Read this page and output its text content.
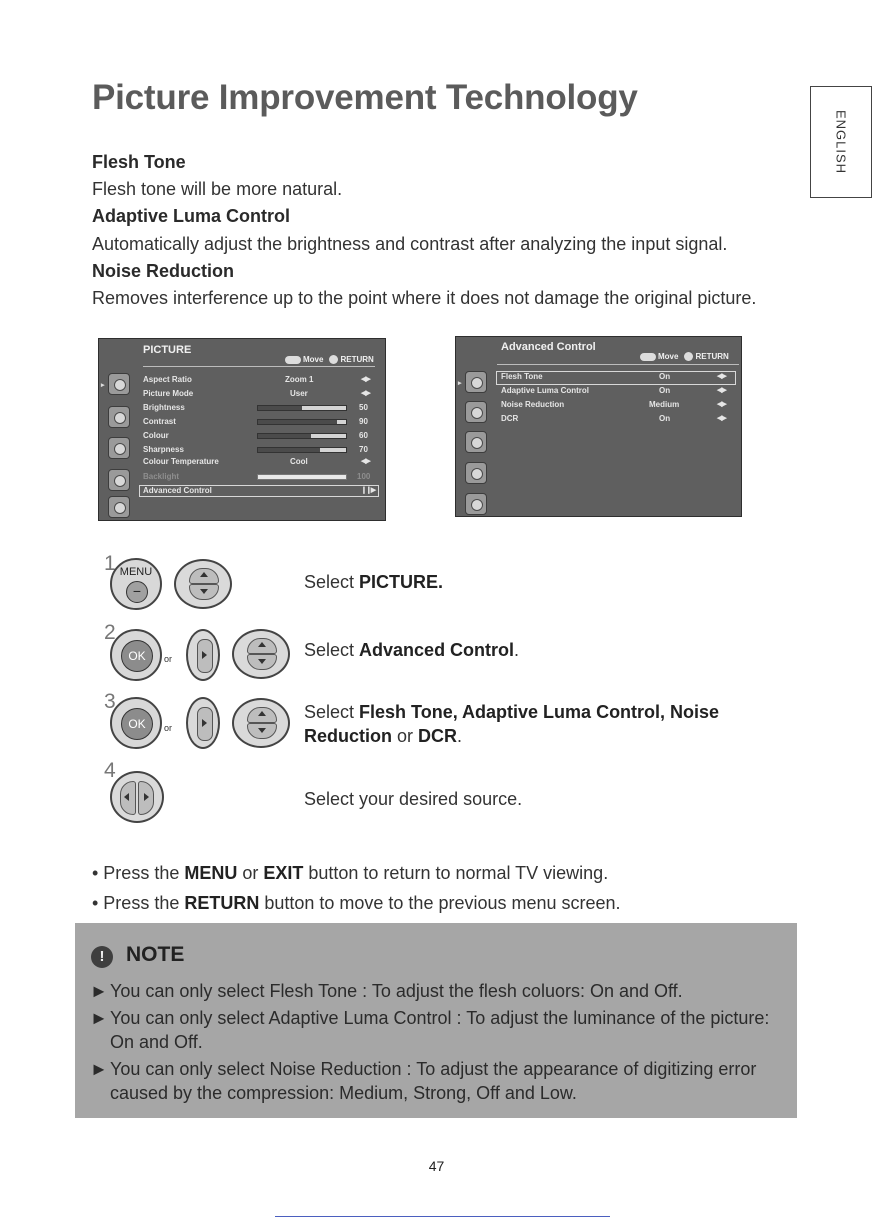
Picture Improvement Technology
ENGLISH
Flesh Tone
Flesh tone will be more natural.
Adaptive Luma Control
Automatically adjust the brightness and contrast after analyzing the input signal.
Noise Reduction
Removes interference up to the point where it does not damage the original picture.
▸
PICTURE
Move RETURN
Aspect Ratio	Zoom 1	◀▶
Picture Mode	User	◀▶
Brightness	50
Contrast	90
Colour	60
Sharpness	70
Colour Temperature	Cool	◀▶
Backlight	100
Advanced Control	❙❙▶
▸
Advanced Control
Move RETURN
Flesh Tone	On	◀▶
Adaptive Luma Control	On	◀▶
Noise Reduction	Medium	◀▶
DCR	On	◀▶
1 MENU
−	Select PICTURE.
2
OK	or	Select Advanced Control.
3
OK	or
Select Flesh Tone, Adaptive Luma Control, Noise Reduction or DCR.
4
Select your desired source.
• Press the MENU or EXIT button to return to normal TV viewing.
• Press the RETURN button to move to the previous menu screen.
!	NOTE
► You can only select Flesh Tone : To adjust the flesh coluors: On and Off.
► You can only select Adaptive Luma Control : To adjust the luminance of the picture: On and Off.
► You can only select Noise Reduction : To adjust the appearance of digitizing error caused by the compression: Medium, Strong, Off and Low.
47
